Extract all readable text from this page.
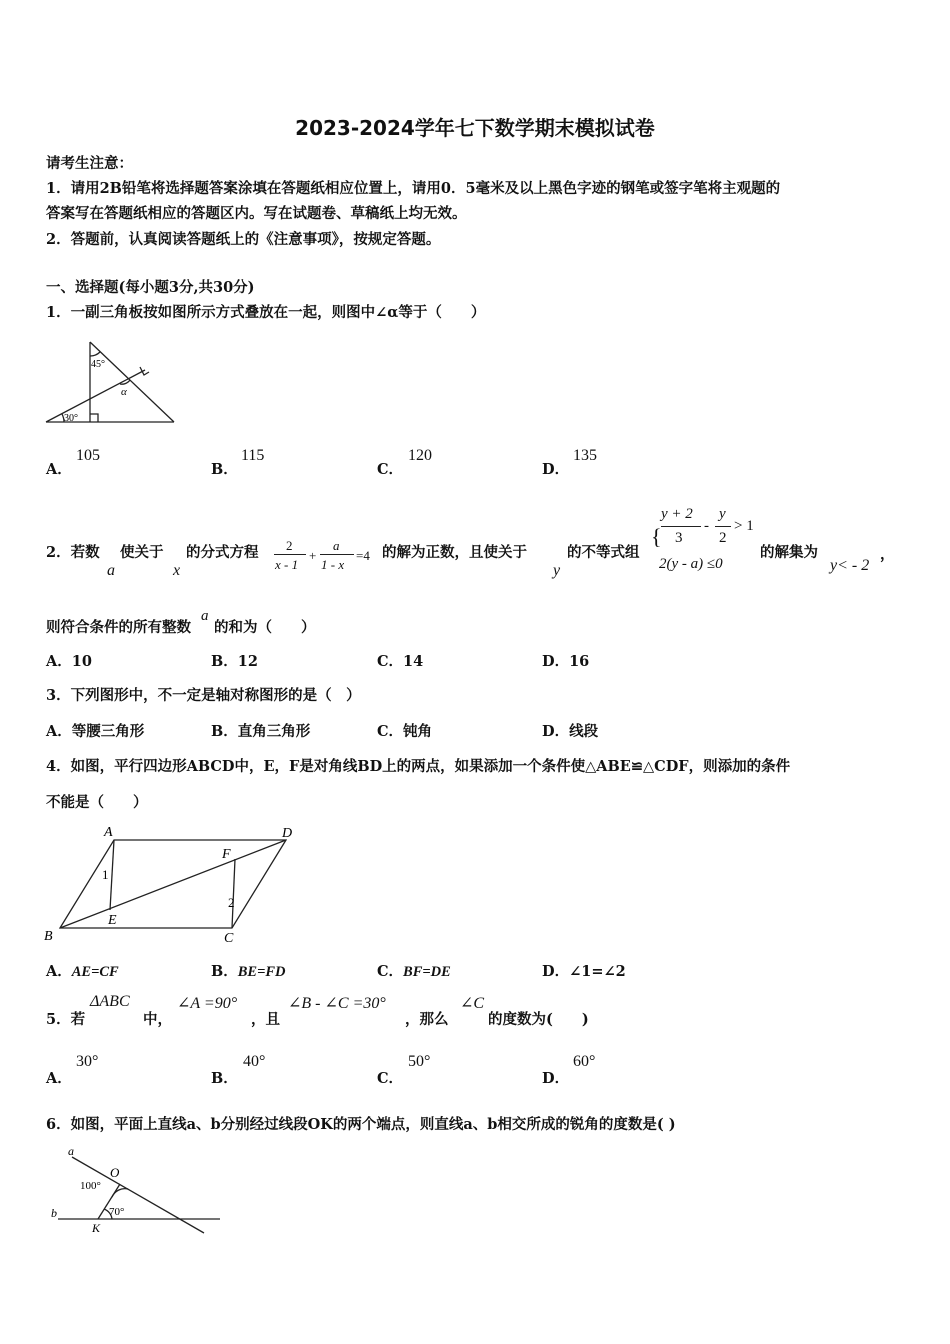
2023-2024学年七下数学期末模拟试卷
请考生注意：
1．请用2B铅笔将选择题答案涂填在答题纸相应位置上，请用0．5毫米及以上黑色字迹的钢笔或签字笔将主观题的
答案写在答题纸相应的答题区内。写在试题卷、草稿纸上均无效。
2．答题前，认真阅读答题纸上的《注意事项》，按规定答题。
一、选择题(每小题3分,共30分)
1．一副三角板按如图所示方式叠放在一起，则图中∠α等于（　　）
45°
α
30°
A．
105
B．
115
C．
120
D．
135
2．若数
a
使关于
x
的分式方程 2
x - 1
+
a
1 - x
=4 的解为正数，且使关于
y
的不等式组
{
y + 2
3
-
y
2
> 1
2(y - a) ≤0
的解集为
y< - 2
，
则符合条件的所有整数
a
的和为（　　）
A．10	B．12	C．14	D．16
3．下列图形中，不一定是轴对称图形的是（　）
A．等腰三角形	B．直角三角形	C．钝角	D．线段
4．如图，平行四边形ABCD中，E，F是对角线BD上的两点，如果添加一个条件使△ABE≌△CDF，则添加的条件
不能是（　　）
A	D
B	C
E
F
1
2
A．AE=CF	B．BE=FD	C．BF=DE	D．∠1=∠2
5．若
ΔABC
中，
∠A =90°
，且
∠B - ∠C =30°
，那么
∠C
的度数为(　　)
A．
30°
B．
40°
C．
50°
D．
60°
6．如图，平面上直线a、b分别经过线段OK的两个端点，则直线a、b相交所成的锐角的度数是( )
a
O
100°
b	70°
K
